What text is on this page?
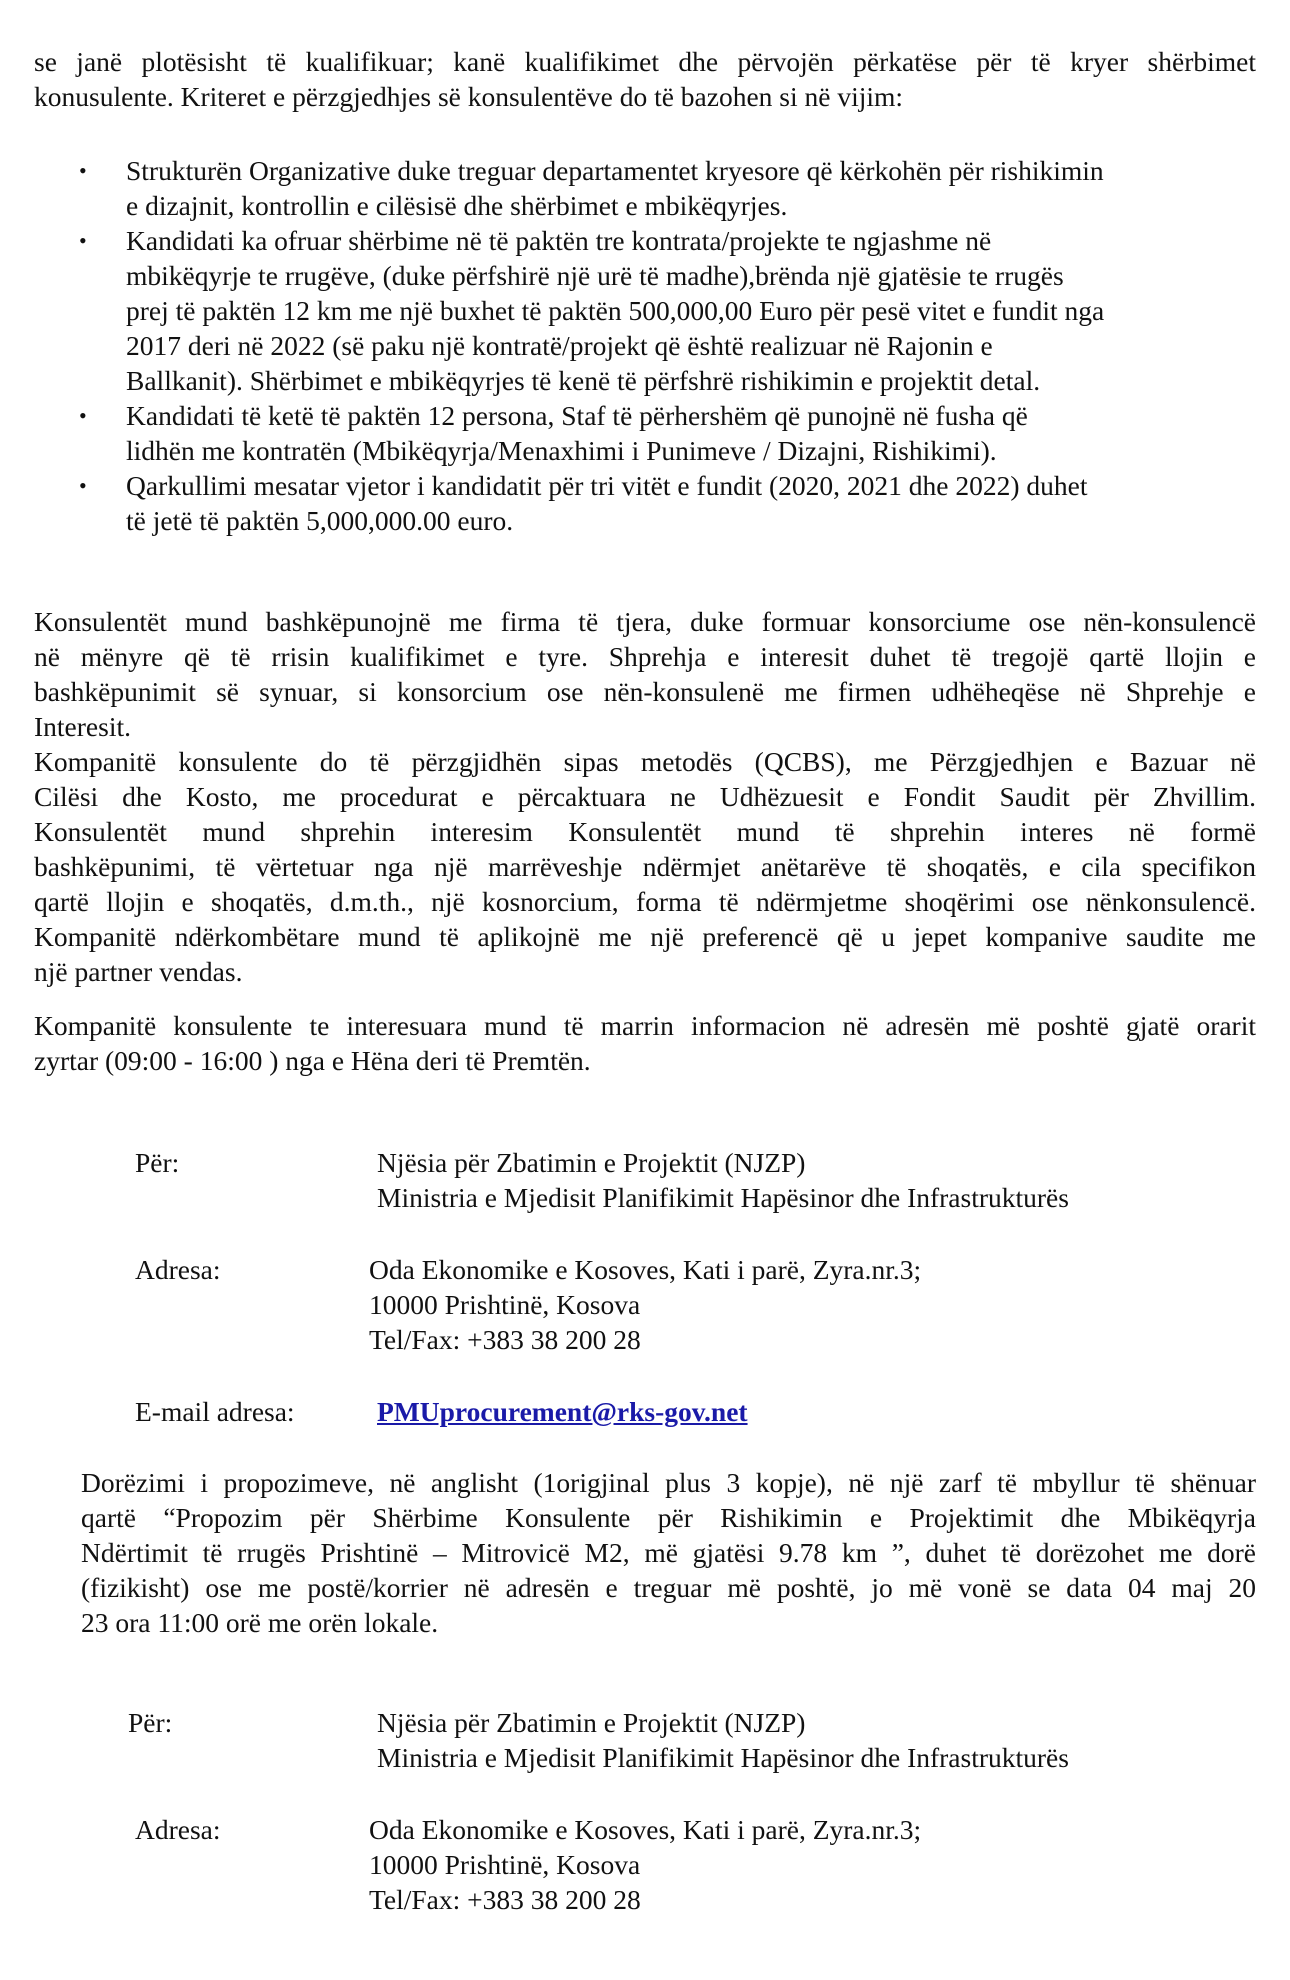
se janë plotësisht të kualifikuar; kanë kualifikimet dhe përvojën përkatëse për të kryer shërbimet
konusulente. Kriteret e përzgjedhjes së konsulentëve do të bazohen si në vijim:
• Strukturën Organizative duke treguar departamentet kryesore që kërkohën për rishikimin
e dizajnit, kontrollin e cilësisë dhe shërbimet e mbikëqyrjes.
• Kandidati ka ofruar shërbime në të paktën tre kontrata/projekte te ngjashme në
mbikëqyrje te rrugëve, (duke përfshirë një urë të madhe),brënda një gjatësie te rrugës
prej të paktën 12 km me një buxhet të paktën 500,000,00 Euro për pesë vitet e fundit nga
2017 deri në 2022 (së paku një kontratë/projekt që është realizuar në Rajonin e
Ballkanit). Shërbimet e mbikëqyrjes të kenë të përfshrë rishikimin e projektit detal.
• Kandidati të ketë të paktën 12 persona, Staf të përhershëm që punojnë në fusha që
lidhën me kontratën (Mbikëqyrja/Menaxhimi i Punimeve / Dizajni, Rishikimi).
• Qarkullimi mesatar vjetor i kandidatit për tri vitët e fundit (2020, 2021 dhe 2022) duhet
të jetë të paktën 5,000,000.00 euro.
Konsulentët mund bashkëpunojnë me firma të tjera, duke formuar konsorciume ose nën-konsulencë
në mënyre që të rrisin kualifikimet e tyre. Shprehja e interesit duhet të tregojë qartë llojin e
bashkëpunimit së synuar, si konsorcium ose nën-konsulenë me firmen udhëheqëse në Shprehje e
Interesit.
Kompanitë konsulente do të përzgjidhën sipas metodës (QCBS), me Përzgjedhjen e Bazuar në
Cilësi dhe Kosto, me procedurat e përcaktuara ne Udhëzuesit e Fondit Saudit për Zhvillim.
Konsulentët mund shprehin interesim Konsulentët mund të shprehin interes në formë
bashkëpunimi, të vërtetuar nga një marrëveshje ndërmjet anëtarëve të shoqatës, e cila specifikon
qartë llojin e shoqatës, d.m.th., një kosnorcium, forma të ndërmjetme shoqërimi ose nënkonsulencë.
Kompanitë ndërkombëtare mund të aplikojnë me një preferencë që u jepet kompanive saudite me
një partner vendas.
Kompanitë konsulente te interesuara mund të marrin informacion në adresën më poshtë gjatë orarit
zyrtar (09:00 - 16:00 ) nga e Hëna deri të Premtën.
Për:	Njësia për Zbatimin e Projektit (NJZP)
Ministria e Mjedisit Planifikimit Hapësinor dhe Infrastrukturës
Adresa:	Oda Ekonomike e Kosoves, Kati i parë, Zyra.nr.3;
10000 Prishtinë, Kosova
Tel/Fax: +383 38 200 28
E-mail adresa:	PMUprocurement@rks-gov.net
Dorëzimi i propozimeve, në anglisht (1origjinal plus 3 kopje), në një zarf të mbyllur të shënuar
qartë “Propozim për Shërbime Konsulente për Rishikimin e Projektimit dhe Mbikëqyrja
Ndërtimit të rrugës Prishtinë – Mitrovicë M2, më gjatësi 9.78 km ”, duhet të dorëzohet me dorë
(fizikisht) ose me postë/korrier në adresën e treguar më poshtë, jo më vonë se data 04 maj 20
23 ora 11:00 orë me orën lokale.
Për:	Njësia për Zbatimin e Projektit (NJZP)
Ministria e Mjedisit Planifikimit Hapësinor dhe Infrastrukturës
Adresa:	Oda Ekonomike e Kosoves, Kati i parë, Zyra.nr.3;
10000 Prishtinë, Kosova
Tel/Fax: +383 38 200 28
